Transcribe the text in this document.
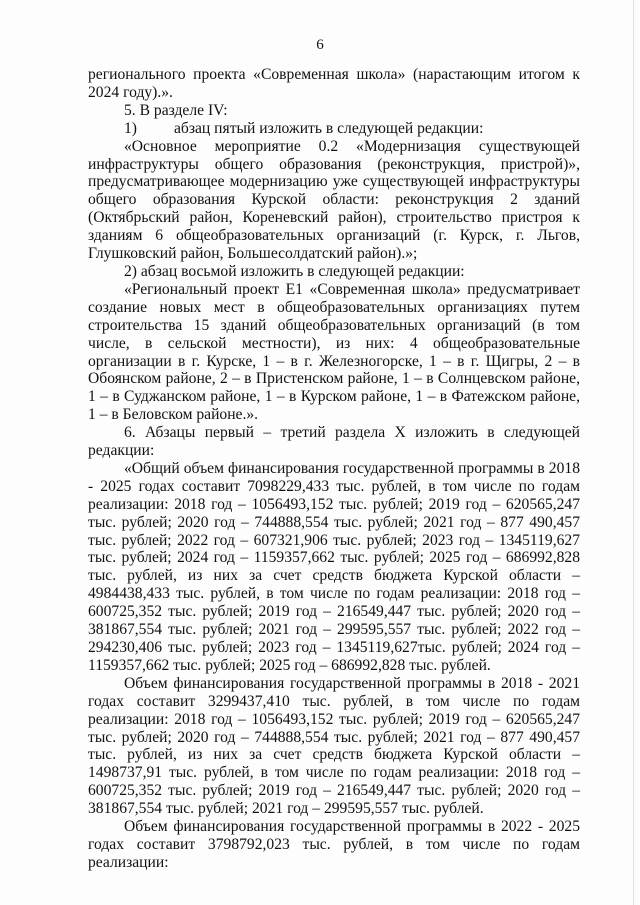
6

регионального проекта «Современная школа» (нарастающим итогом к 2024 году).».

5. В разделе IV:

1) абзац пятый изложить в следующей редакции:

«Основное мероприятие 0.2 «Модернизация существующей инфраструктуры общего образования (реконструкция, пристрой)», предусматривающее модернизацию уже существующей инфраструктуры общего образования Курской области: реконструкция 2 зданий (Октябрьский район, Кореневский район), строительство пристроя к зданиям 6 общеобразовательных организаций (г. Курск, г. Льгов, Глушковский район, Большесолдатский район).»;

2) абзац восьмой изложить в следующей редакции:

«Региональный проект Е1 «Современная школа» предусматривает создание новых мест в общеобразовательных организациях путем строительства 15 зданий общеобразовательных организаций (в том числе, в сельской местности), из них: 4 общеобразовательные организации в г. Курске, 1 – в г. Железногорске, 1 – в г. Щигры, 2 – в Обоянском районе, 2 – в Пристенском районе, 1 – в Солнцевском районе, 1 – в Суджанском районе, 1 – в Курском районе, 1 – в Фатежском районе, 1 – в Беловском районе.».

6. Абзацы первый – третий раздела X изложить в следующей редакции:

«Общий объем финансирования государственной программы в 2018 - 2025 годах составит 7098229,433 тыс. рублей, в том числе по годам реализации: 2018 год – 1056493,152 тыс. рублей; 2019 год – 620565,247 тыс. рублей; 2020 год – 744888,554 тыс. рублей; 2021 год – 877 490,457 тыс. рублей; 2022 год – 607321,906 тыс. рублей; 2023 год – 1345119,627 тыс. рублей; 2024 год – 1159357,662 тыс. рублей; 2025 год – 686992,828 тыс. рублей, из них за счет средств бюджета Курской области – 4984438,433 тыс. рублей, в том числе по годам реализации: 2018 год – 600725,352 тыс. рублей; 2019 год – 216549,447 тыс. рублей; 2020 год – 381867,554 тыс. рублей; 2021 год – 299595,557 тыс. рублей; 2022 год – 294230,406 тыс. рублей; 2023 год – 1345119,627тыс. рублей; 2024 год – 1159357,662 тыс. рублей; 2025 год – 686992,828 тыс. рублей.

Объем финансирования государственной программы в 2018 - 2021 годах составит 3299437,410 тыс. рублей, в том числе по годам реализации: 2018 год – 1056493,152 тыс. рублей; 2019 год – 620565,247 тыс. рублей; 2020 год – 744888,554 тыс. рублей; 2021 год – 877 490,457 тыс. рублей, из них за счет средств бюджета Курской области – 1498737,91 тыс. рублей, в том числе по годам реализации: 2018 год – 600725,352 тыс. рублей; 2019 год – 216549,447 тыс. рублей; 2020 год – 381867,554 тыс. рублей; 2021 год – 299595,557 тыс. рублей.

Объем финансирования государственной программы в 2022 - 2025 годах составит 3798792,023 тыс. рублей, в том числе по годам реализации:
